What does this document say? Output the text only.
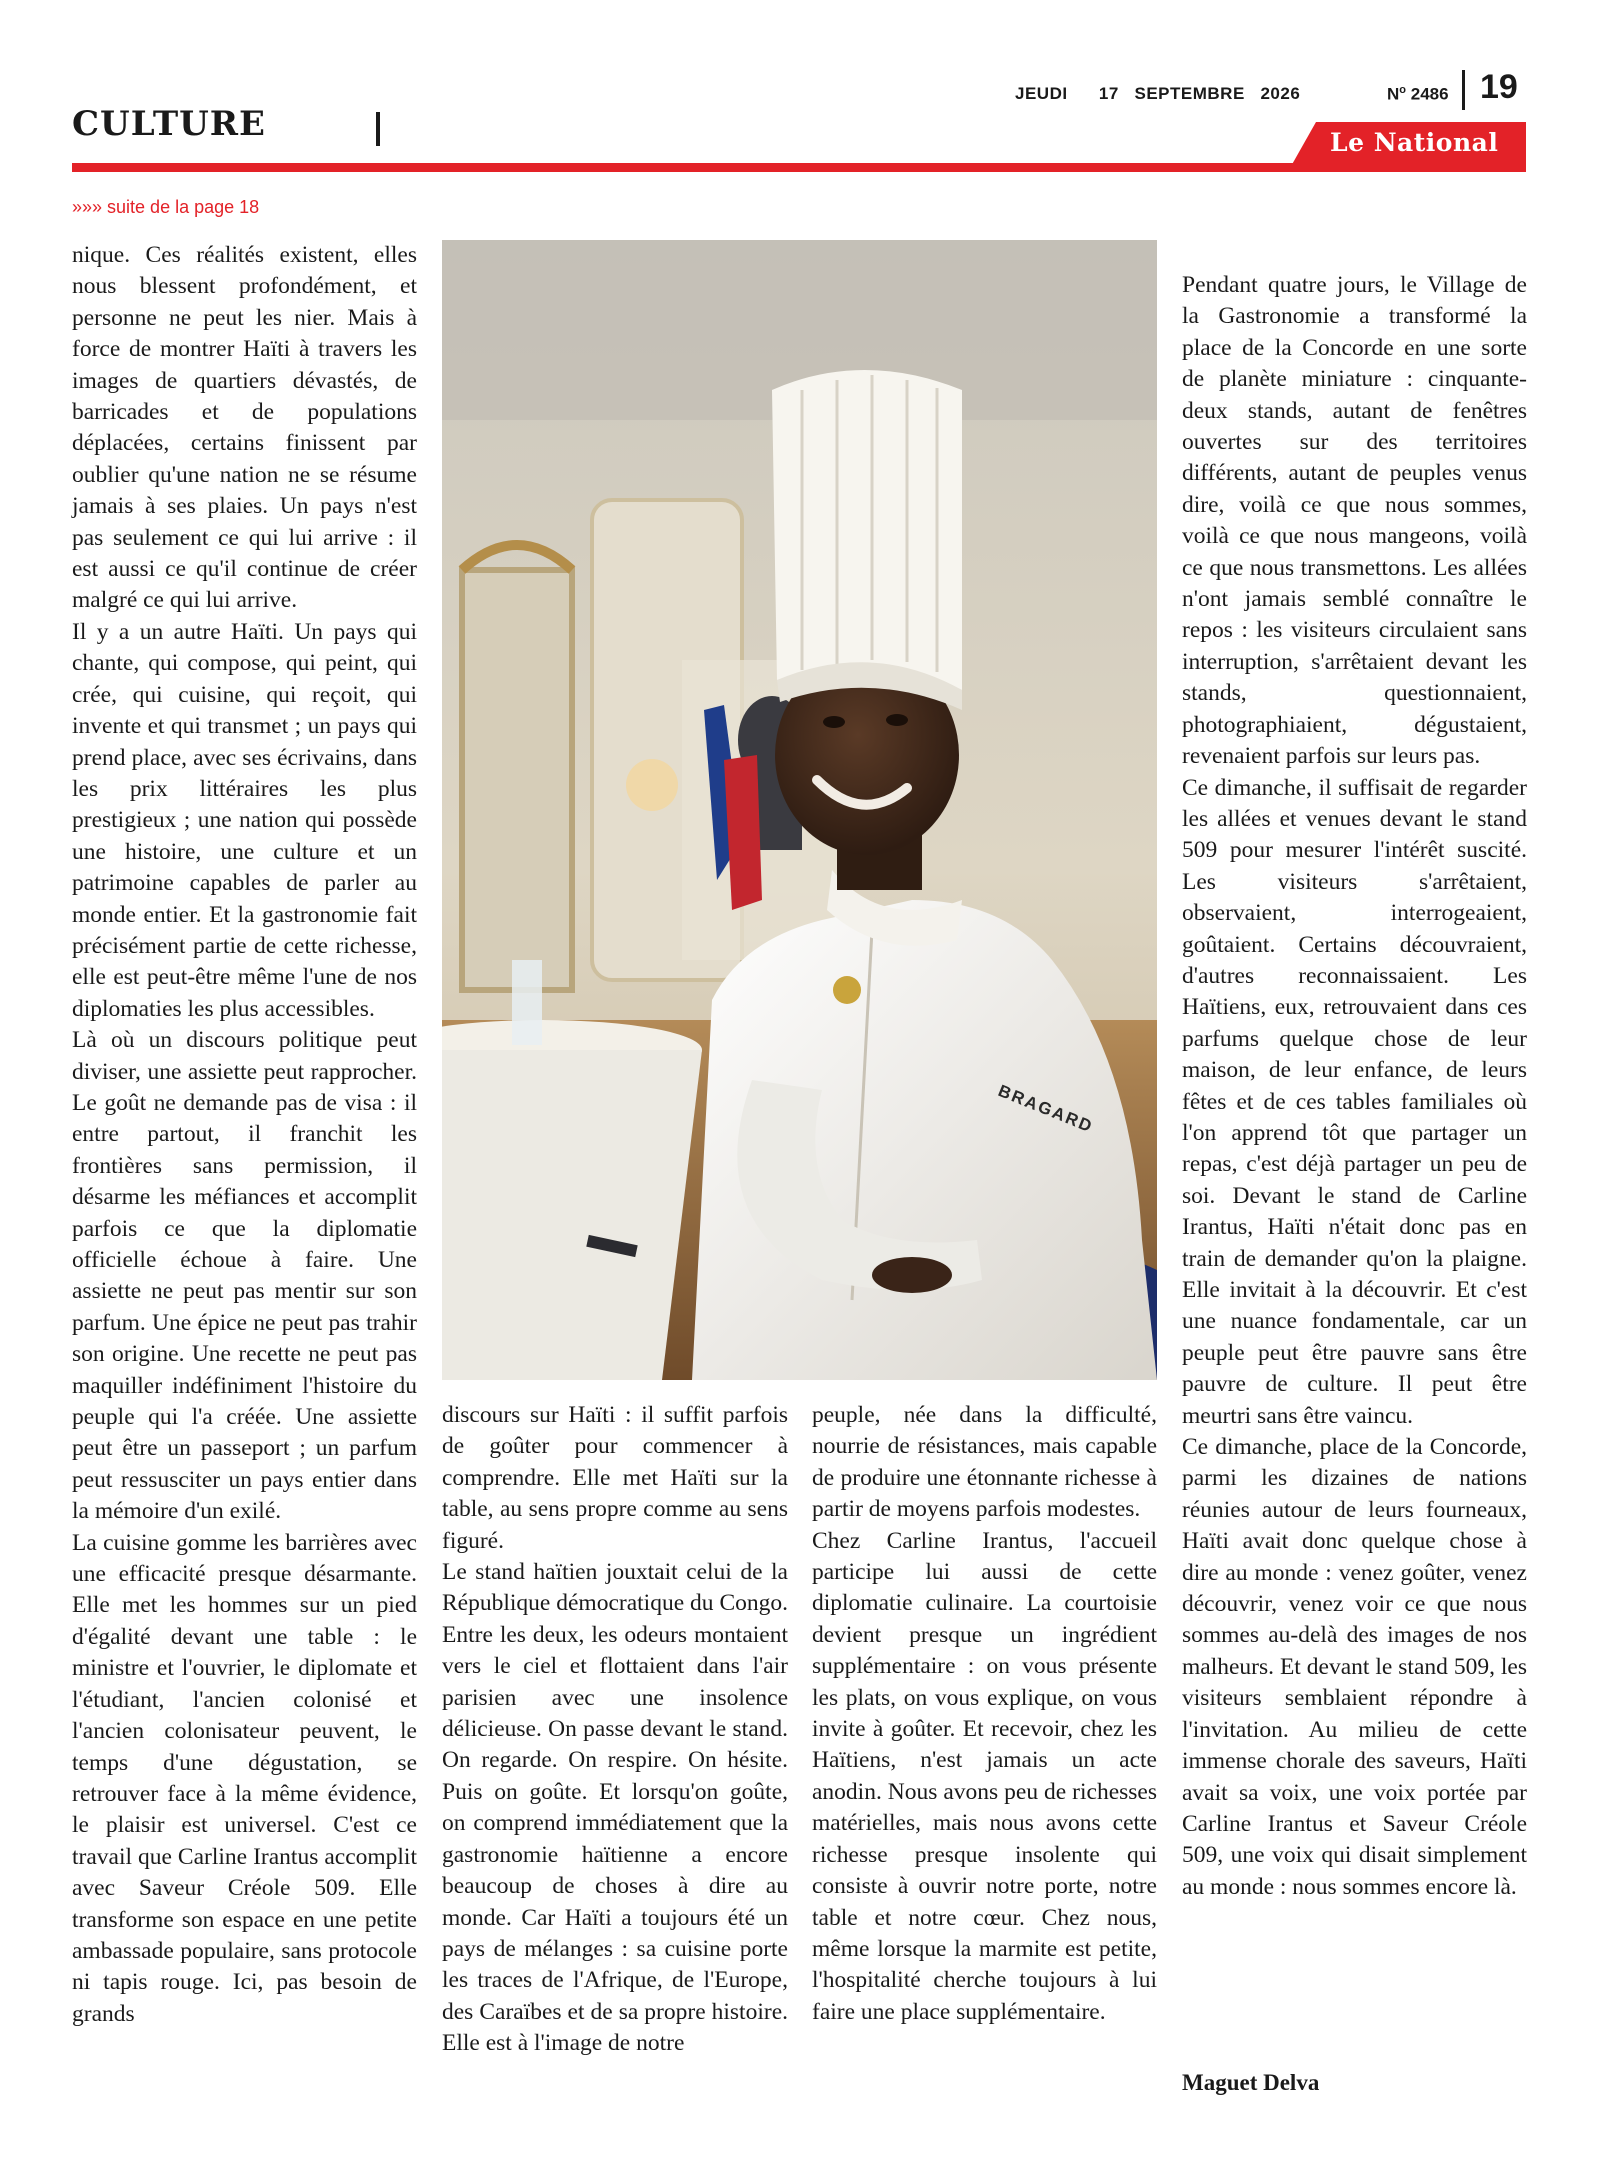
CULTURE
JEUDI      17   SEPTEMBRE   2026	$N^o$ 2486 19
Le National
»»» suite de la page 18

nique. Ces réalités existent, elles nous blessent profondément, et personne ne peut les nier. Mais à force de montrer Haïti à travers les images de quartiers dévastés, de barricades et de populations déplacées, certains finissent par oublier qu'une nation ne se résume jamais à ses plaies. Un pays n'est pas seulement ce qui lui arrive : il est aussi ce qu'il continue de créer malgré ce qui lui arrive.

Il y a un autre Haïti. Un pays qui chante, qui compose, qui peint, qui crée, qui cuisine, qui reçoit, qui invente et qui transmet ; un pays qui prend place, avec ses écrivains, dans les prix littéraires les plus prestigieux ; une nation qui possède une histoire, une culture et un patrimoine capables de parler au monde entier. Et la gastronomie fait précisément partie de cette richesse, elle est peut-être même l'une de nos diplomaties les plus accessibles.

Là où un discours politique peut diviser, une assiette peut rapprocher. Le goût ne demande pas de visa : il entre partout, il franchit les frontières sans permission, il désarme les méfiances et accomplit parfois ce que la diplomatie officielle échoue à faire. Une assiette ne peut pas mentir sur son parfum. Une épice ne peut pas trahir son origine. Une recette ne peut pas maquiller indéfiniment l'histoire du peuple qui l'a créée. Une assiette peut être un passeport ; un parfum peut ressusciter un pays entier dans la mémoire d'un exilé.

La cuisine gomme les barrières avec une efficacité presque désarmante. Elle met les hommes sur un pied d'égalité devant une table : le ministre et l'ouvrier, le diplomate et l'étudiant, l'ancien colonisé et l'ancien colonisateur peuvent, le temps d'une dégustation, se retrouver face à la même évidence, le plaisir est universel. C'est ce travail que Carline Irantus accomplit avec Saveur Créole 509. Elle transforme son espace en une petite ambassade populaire, sans protocole ni tapis rouge. Ici, pas besoin de grands

BRAGARD

discours sur Haïti : il suffit parfois de goûter pour commencer à comprendre. Elle met Haïti sur la table, au sens propre comme au sens figuré.

Le stand haïtien jouxtait celui de la République démocratique du Congo. Entre les deux, les odeurs montaient vers le ciel et flottaient dans l'air parisien avec une insolence délicieuse. On passe devant le stand. On regarde. On respire. On hésite. Puis on goûte. Et lorsqu'on goûte, on comprend immédiatement que la gastronomie haïtienne a encore beaucoup de choses à dire au monde. Car Haïti a toujours été un pays de mélanges : sa cuisine porte les traces de l'Afrique, de l'Europe, des Caraïbes et de sa propre histoire. Elle est à l'image de notre

peuple, née dans la difficulté, nourrie de résistances, mais capable de produire une étonnante richesse à partir de moyens parfois modestes.

Chez Carline Irantus, l'accueil participe lui aussi de cette diplomatie culinaire. La courtoisie devient presque un ingrédient supplémentaire : on vous présente les plats, on vous explique, on vous invite à goûter. Et recevoir, chez les Haïtiens, n'est jamais un acte anodin. Nous avons peu de richesses matérielles, mais nous avons cette richesse presque insolente qui consiste à ouvrir notre porte, notre table et notre cœur. Chez nous, même lorsque la marmite est petite, l'hospitalité cherche toujours à lui faire une place supplémentaire.

Pendant quatre jours, le Village de la Gastronomie a transformé la place de la Concorde en une sorte de planète miniature : cinquante-deux stands, autant de fenêtres ouvertes sur des territoires différents, autant de peuples venus dire, voilà ce que nous sommes, voilà ce que nous mangeons, voilà ce que nous transmettons. Les allées n'ont jamais semblé connaître le repos : les visiteurs circulaient sans interruption, s'arrêtaient devant les stands, questionnaient, photographiaient, dégustaient, revenaient parfois sur leurs pas.

Ce dimanche, il suffisait de regarder les allées et venues devant le stand 509 pour mesurer l'intérêt suscité. Les visiteurs s'arrêtaient, observaient, interrogeaient, goûtaient. Certains découvraient, d'autres reconnaissaient. Les Haïtiens, eux, retrouvaient dans ces parfums quelque chose de leur maison, de leur enfance, de leurs fêtes et de ces tables familiales où l'on apprend tôt que partager un repas, c'est déjà partager un peu de soi. Devant le stand de Carline Irantus, Haïti n'était donc pas en train de demander qu'on la plaigne. Elle invitait à la découvrir. Et c'est une nuance fondamentale, car un peuple peut être pauvre sans être pauvre de culture. Il peut être meurtri sans être vaincu.

Ce dimanche, place de la Concorde, parmi les dizaines de nations réunies autour de leurs fourneaux, Haïti avait donc quelque chose à dire au monde : venez goûter, venez découvrir, venez voir ce que nous sommes au-delà des images de nos malheurs. Et devant le stand 509, les visiteurs semblaient répondre à l'invitation. Au milieu de cette immense chorale des saveurs, Haïti avait sa voix, une voix portée par Carline Irantus et Saveur Créole 509, une voix qui disait simplement au monde : nous sommes encore là.

Maguet Delva
